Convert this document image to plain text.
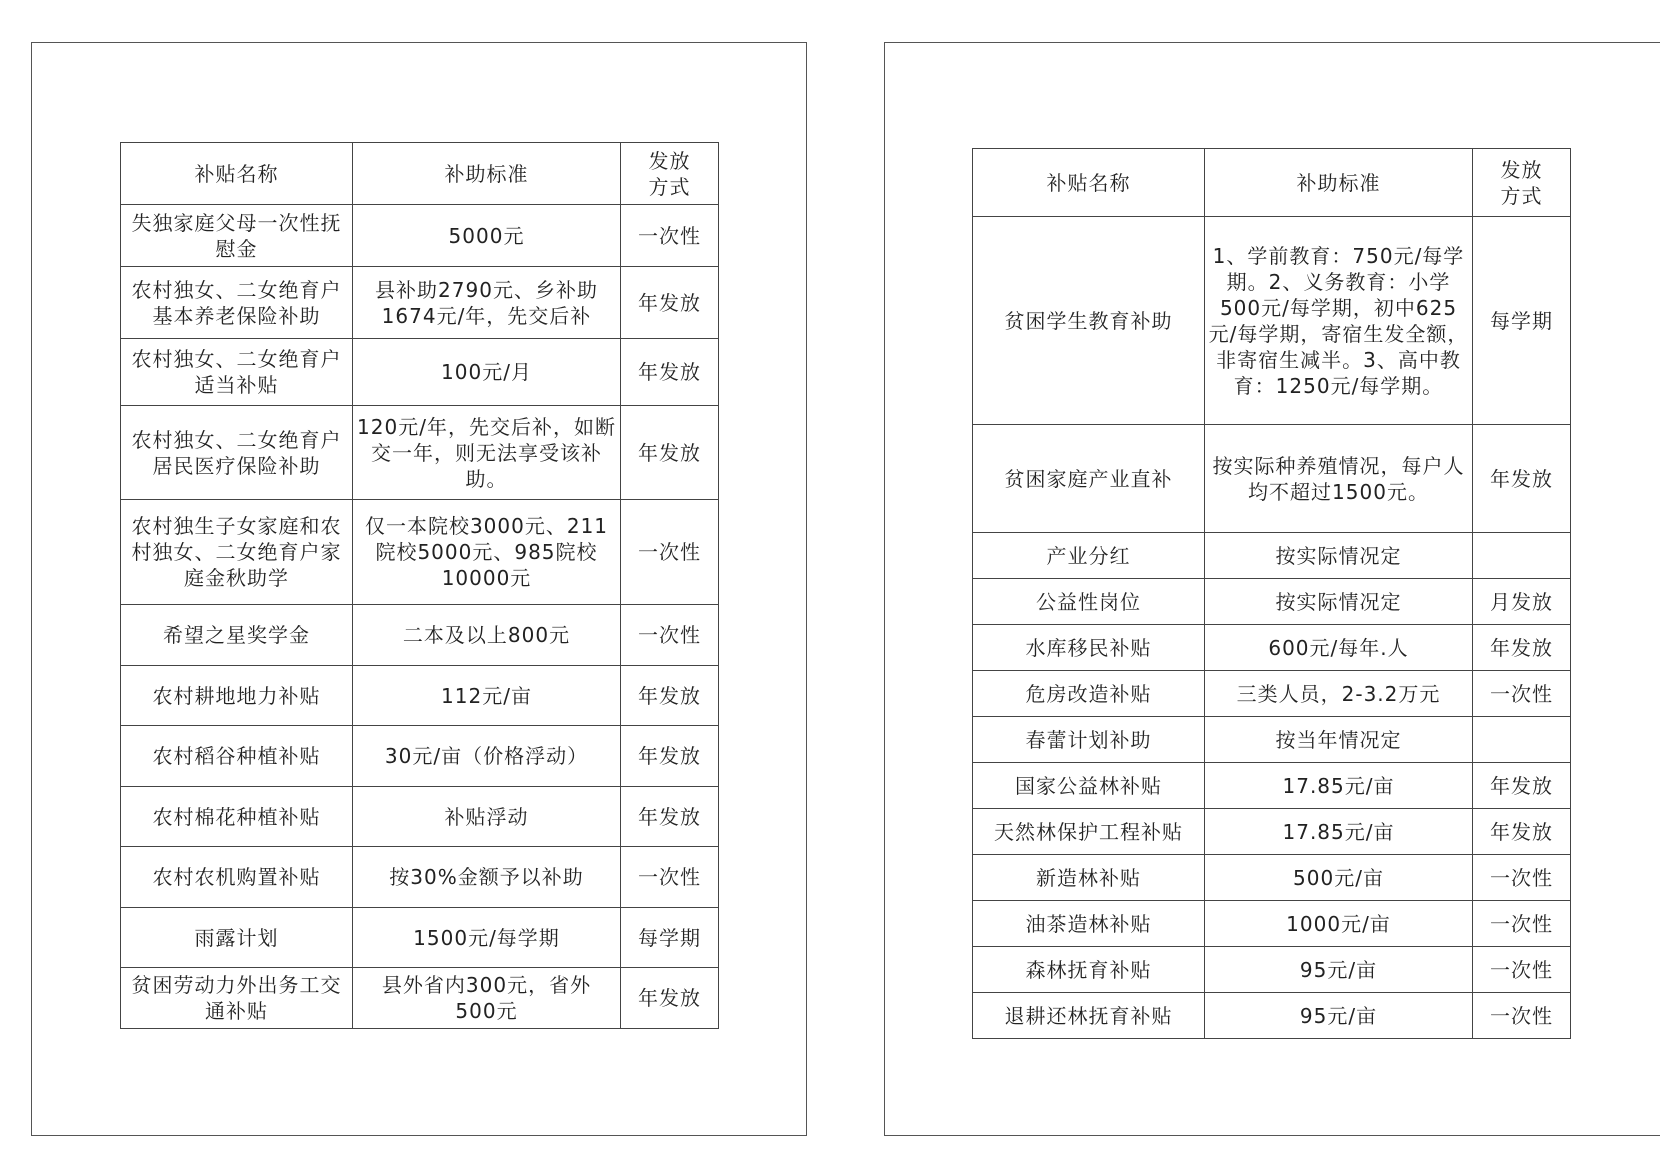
补贴名称	补助标准	发放方式
失独家庭父母一次性抚慰金	5000元	一次性
农村独女、二女绝育户基本养老保险补助	县补助2790元、乡补助1674元/年，先交后补	年发放
农村独女、二女绝育户适当补贴	100元/月	年发放
农村独女、二女绝育户居民医疗保险补助	120元/年，先交后补，如断交一年，则无法享受该补助。	年发放
农村独生子女家庭和农村独女、二女绝育户家庭金秋助学	仅一本院校3000元、211院校5000元、985院校10000元	一次性
希望之星奖学金	二本及以上800元	一次性
农村耕地地力补贴	112元/亩	年发放
农村稻谷种植补贴	30元/亩（价格浮动）	年发放
农村棉花种植补贴	补贴浮动	年发放
农村农机购置补贴	按30%金额予以补助	一次性
雨露计划	1500元/每学期	每学期
贫困劳动力外出务工交通补贴	县外省内300元，省外500元	年发放
补贴名称	补助标准	发放方式
贫困学生教育补助	1、学前教育：750元/每学期。2、义务教育：小学500元/每学期，初中625元/每学期，寄宿生发全额，非寄宿生减半。3、高中教育：1250元/每学期。	每学期
贫困家庭产业直补	按实际种养殖情况，每户人均不超过1500元。	年发放
产业分红	按实际情况定	
公益性岗位	按实际情况定	月发放
水库移民补贴	600元/每年.人	年发放
危房改造补贴	三类人员，2-3.2万元	一次性
春蕾计划补助	按当年情况定	
国家公益林补贴	17.85元/亩	年发放
天然林保护工程补贴	17.85元/亩	年发放
新造林补贴	500元/亩	一次性
油茶造林补贴	1000元/亩	一次性
森林抚育补贴	95元/亩	一次性
退耕还林抚育补贴	95元/亩	一次性
